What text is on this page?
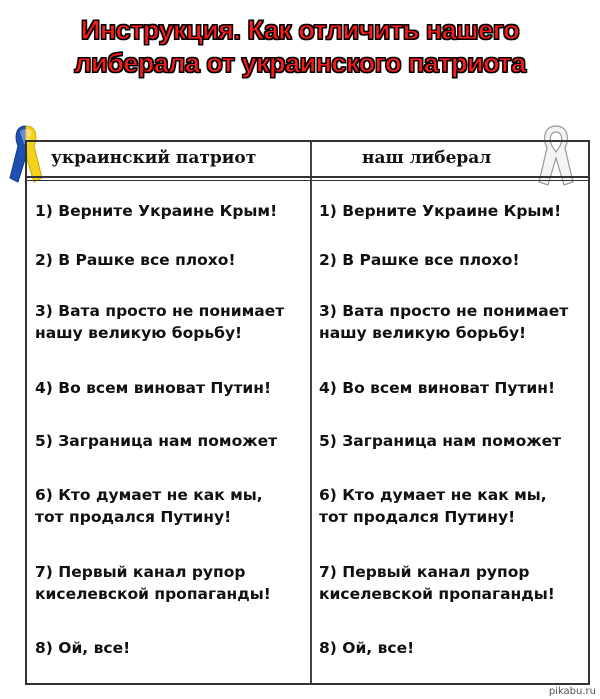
Инструкция. Как отличить нашего
либерала от украинского патриота
украинский патриот	наш либерал
1) Верните Украине Крым!
2) В Рашке все плохо!
3) Вата просто не понимает
нашу великую борьбу!
4) Во всем виноват Путин!
5) Заграница нам поможет
6) Кто думает не как мы,
тот продался Путину!
7) Первый канал рупор
киселевской пропаганды!
8) Ой, все!
1) Верните Украине Крым!
2) В Рашке все плохо!
3) Вата просто не понимает
нашу великую борьбу!
4) Во всем виноват Путин!
5) Заграница нам поможет
6) Кто думает не как мы,
тот продался Путину!
7) Первый канал рупор
киселевской пропаганды!
8) Ой, все!
pikabu.ru
